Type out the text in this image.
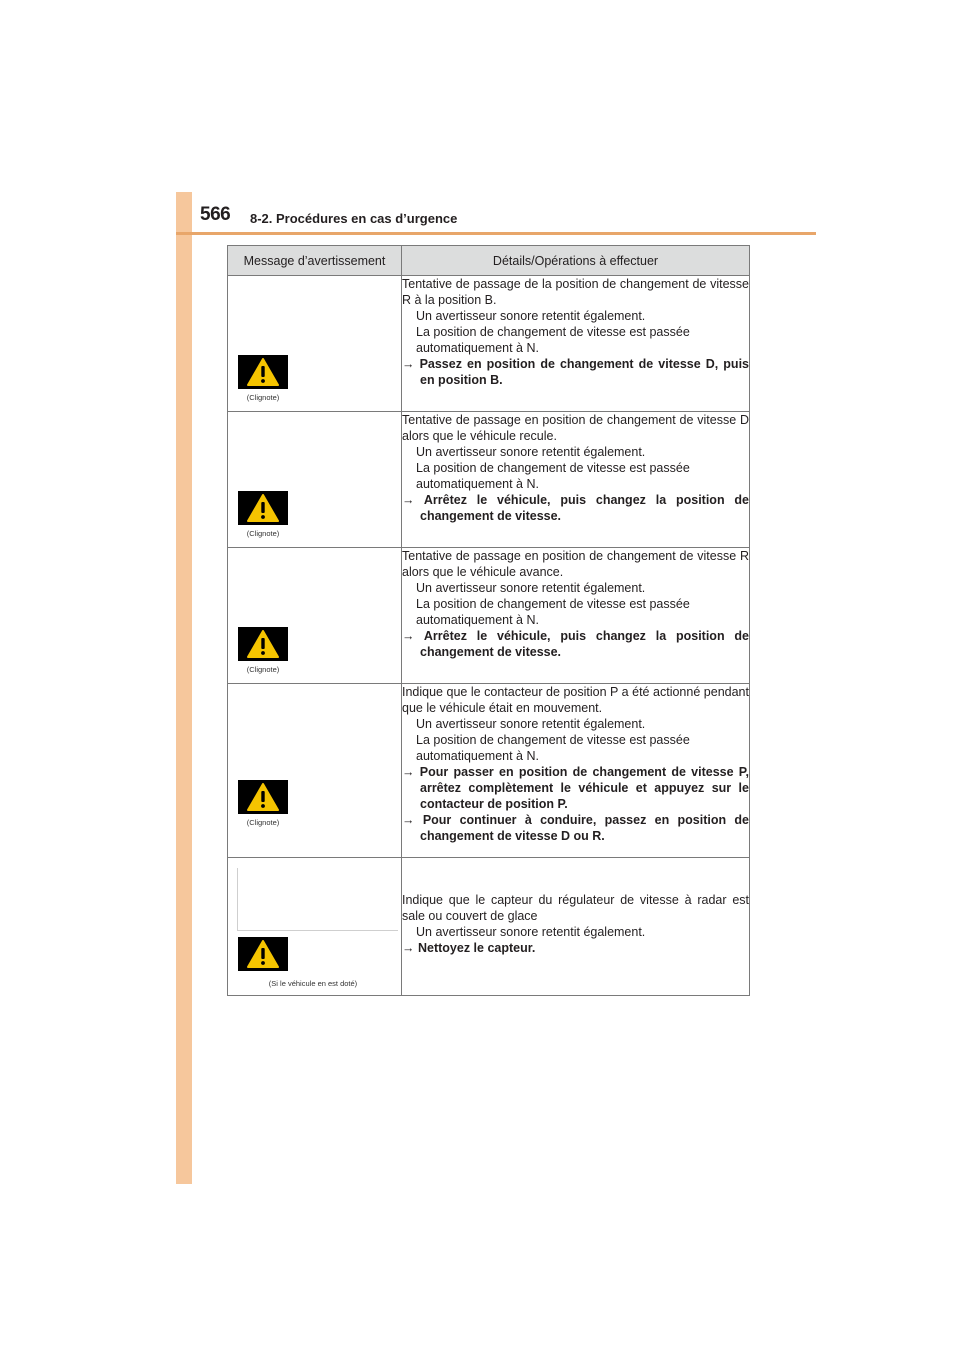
566 8-2. Procédures en cas d’urgence
Message d’avertissement	Détails/Opérations à effectuer

(Clignote)	Tentative de passage de la position de changement de vitesse R à la position B.

Un avertisseur sonore retentit également.

La position de changement de vitesse est passée automatiquement à N.

→ Passez en position de changement de vitesse D, puis en position B.

(Clignote)	Tentative de passage en position de changement de vitesse D alors que le véhicule recule.

Un avertisseur sonore retentit également.

La position de changement de vitesse est passée automatiquement à N.

→ Arrêtez le véhicule, puis changez la position de changement de vitesse.

(Clignote)	Tentative de passage en position de changement de vitesse R alors que le véhicule avance.

Un avertisseur sonore retentit également.

La position de changement de vitesse est passée automatiquement à N.

→ Arrêtez le véhicule, puis changez la position de changement de vitesse.

(Clignote)	Indique que le contacteur de position P a été actionné pendant que le véhicule était en mouvement.

Un avertisseur sonore retentit également.

La position de changement de vitesse est passée automatiquement à N.

→ Pour passer en position de changement de vitesse P, arrêtez complètement le véhicule et appuyez sur le contacteur de position P.

→ Pour continuer à conduire, passez en position de changement de vitesse D ou R.

(Si le véhicule en est doté)	Indique que le capteur du régulateur de vitesse à radar est sale ou couvert de glace

Un avertisseur sonore retentit également.

→ Nettoyez le capteur.
